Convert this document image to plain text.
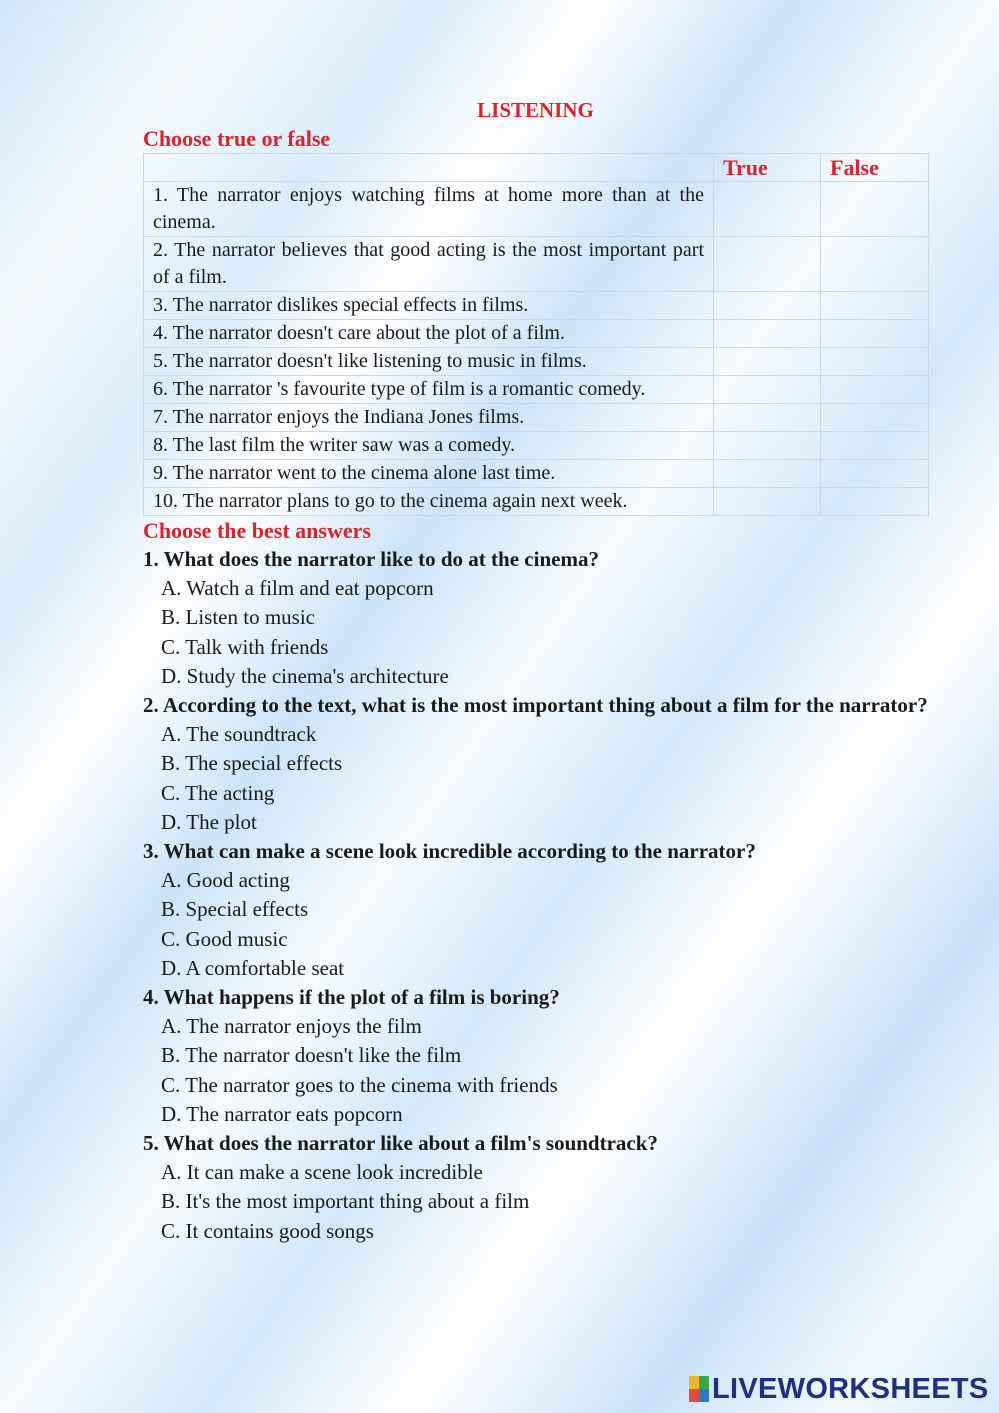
LISTENING
Choose true or false
	True	False
1. The narrator enjoys watching films at home more than at the cinema.		
2. The narrator believes that good acting is the most important part of a film.		
3. The narrator dislikes special effects in films.		
4. The narrator doesn't care about the plot of a film.		
5. The narrator doesn't like listening to music in films.		
6. The narrator 's favourite type of film is a romantic comedy.		
7. The narrator enjoys the Indiana Jones films.		
8. The last film the writer saw was a comedy.		
9. The narrator went to the cinema alone last time.		
10. The narrator plans to go to the cinema again next week.		
Choose the best answers
1. What does the narrator like to do at the cinema?
A. Watch a film and eat popcorn
B. Listen to music
C. Talk with friends
D. Study the cinema's architecture
2. According to the text, what is the most important thing about a film for the narrator?
A. The soundtrack
B. The special effects
C. The acting
D. The plot
3. What can make a scene look incredible according to the narrator?
A. Good acting
B. Special effects
C. Good music
D. A comfortable seat
4. What happens if the plot of a film is boring?
A. The narrator enjoys the film
B. The narrator doesn't like the film
C. The narrator goes to the cinema with friends
D. The narrator eats popcorn
5. What does the narrator like about a film's soundtrack?
A. It can make a scene look incredible
B. It's the most important thing about a film
C. It contains good songs
LIVEWORKSHEETS
